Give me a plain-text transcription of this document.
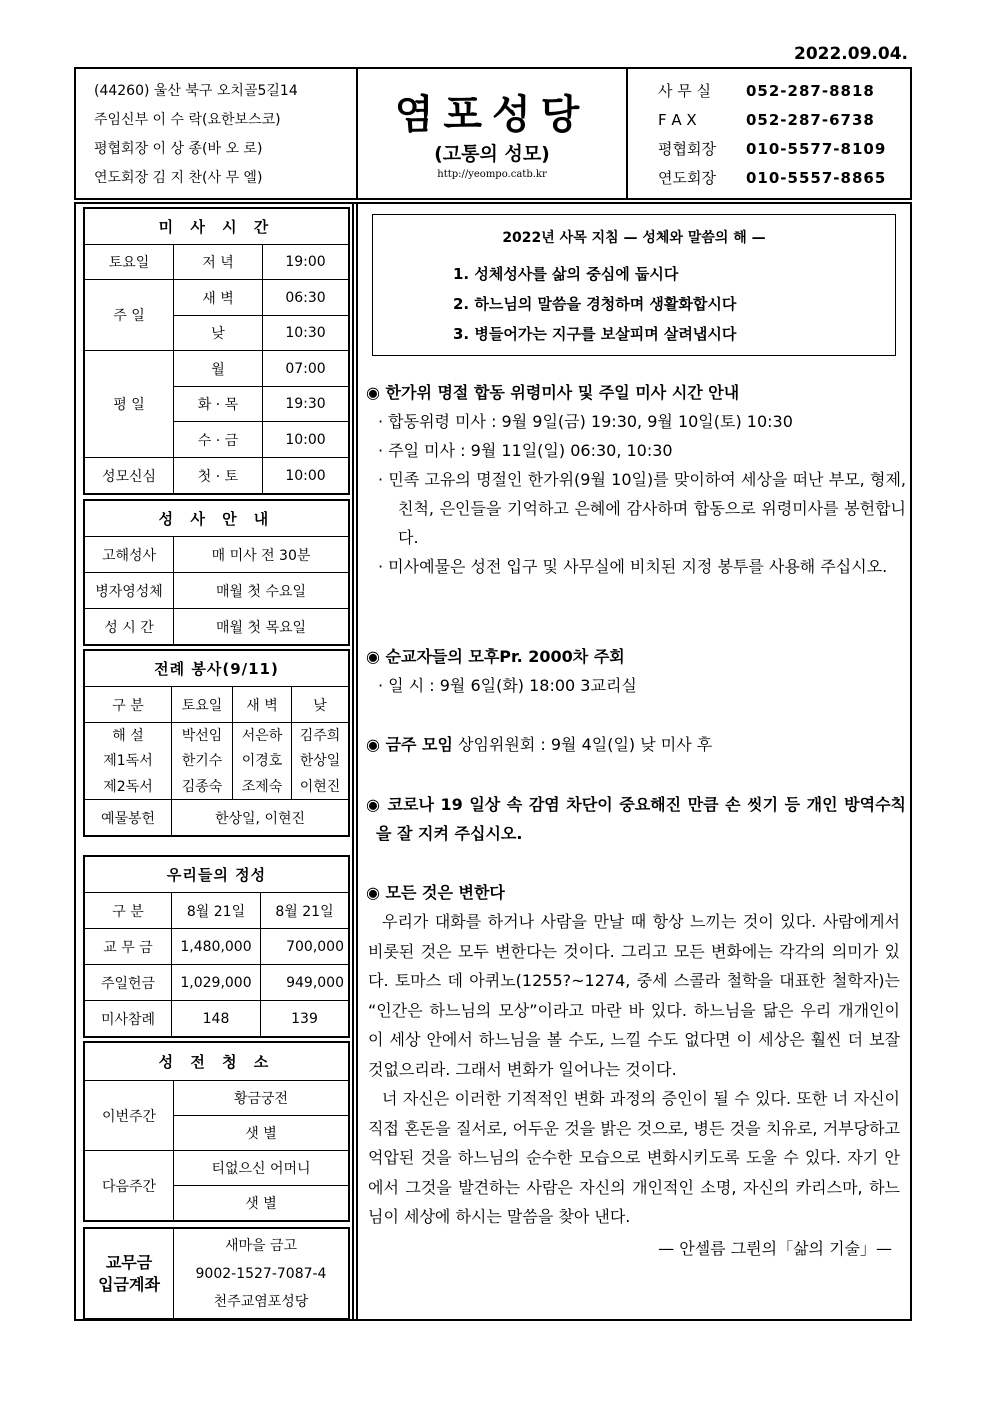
2022.09.04.
(44260) 울산 북구 오치골5길14
주임신부 이 수 락(요한보스코)
평협회장 이 상 종(바 오 로)
연도회장 김 지 찬(사 무 엘)
염포성당
(고통의 성모)
http://yeompo.catb.kr
사 무 실 052-287-8818
F A X	052-287-6738
평협회장 010-5577-8109
연도회장 010-5557-8865
미 사 시 간		
토요일	저 녁	19:00
주 일	새 벽	06:30
	낮	10:30
평 일	월	07:00
	화 · 목	19:30
	수 · 금	10:00
성모신심	첫 · 토	10:00
성 사 안 내	
고해성사	매 미사 전 30분
병자영성체	매월 첫 수요일
성 시 간	매월 첫 목요일
전례 봉사(9/11)			
구 분	토요일	새 벽	낮
해 설	박선임	서은하	김주희
제1독서	한기수	이경호	한상일
제2독서	김종숙	조제숙	이현진
예물봉헌	한상일, 이현진		
우리들의 정성		
구 분	8월 21일	8월 21일
교 무 금	1,480,000	700,000
주일헌금	1,029,000	949,000
미사참례	148	139
성 전 청 소	
이번주간	황금궁전
	샛 별
다음주간	티없으신 어머니
	샛 별
교무금
입금계좌

새마을 금고
9002-1527-7087-4
천주교염포성당
2022년 사목 지침 — 성체와 말씀의 해 —
1. 성체성사를 삶의 중심에 둡시다
2. 하느님의 말씀을 경청하며 생활화합시다
3. 병들어가는 지구를 보살피며 살려냅시다
◉ 한가위 명절 합동 위령미사 및 주일 미사 시간 안내
· 합동위령 미사 : 9월 9일(금) 19:30, 9월 10일(토) 10:30
· 주일 미사 : 9월 11일(일) 06:30, 10:30
· 민족 고유의 명절인 한가위(9월 10일)를 맞이하여 세상을 떠난 부모, 형제, 친척, 은인들을 기억하고 은혜에 감사하며 합동으로 위령미사를 봉헌합니다.
· 미사예물은 성전 입구 및 사무실에 비치된 지정 봉투를 사용해 주십시오.
◉ 순교자들의 모후Pr. 2000차 주회
· 일 시 : 9월 6일(화) 18:00 3교리실
◉ 금주 모임 상임위원회 : 9월 4일(일) 낮 미사 후
◉ 코로나 19 일상 속 감염 차단이 중요해진 만큼 손 씻기 등 개인 방역수칙을 잘 지켜 주십시오.
◉ 모든 것은 변한다

우리가 대화를 하거나 사람을 만날 때 항상 느끼는 것이 있다. 사람에게서 비롯된 것은 모두 변한다는 것이다. 그리고 모든 변화에는 각각의 의미가 있다. 토마스 데 아퀴노(1255?~1274, 중세 스콜라 철학을 대표한 철학자)는 “인간은 하느님의 모상”이라고 마란 바 있다. 하느님을 닮은 우리 개개인이 이 세상 안에서 하느님을 볼 수도, 느낄 수도 없다면 이 세상은 훨씬 더 보잘것없으리라. 그래서 변화가 일어나는 것이다.

너 자신은 이러한 기적적인 변화 과정의 증인이 될 수 있다. 또한 너 자신이 직접 혼돈을 질서로, 어두운 것을 밝은 것으로, 병든 것을 치유로, 거부당하고 억압된 것을 하느님의 순수한 모습으로 변화시키도록 도울 수 있다. 자기 안에서 그것을 발견하는 사람은 자신의 개인적인 소명, 자신의 카리스마, 하느님이 세상에 하시는 말씀을 찾아 낸다.

— 안셀름 그륀의「삶의 기술」—
